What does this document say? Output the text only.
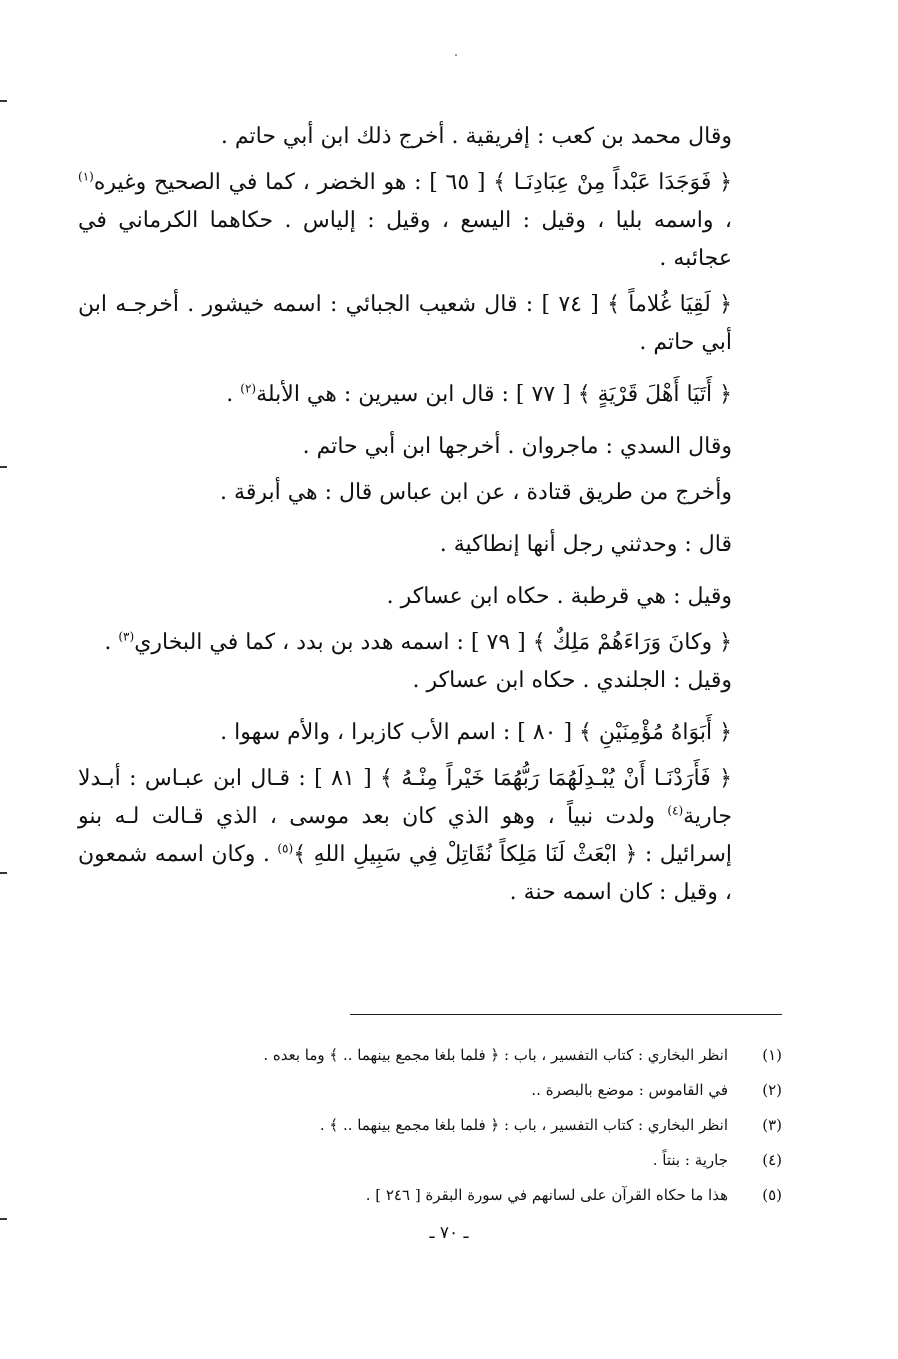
وقال محمد بن كعب : إفريقية . أخرج ذلك ابن أبي حاتم .

﴿ فَوَجَدَا عَبْداً مِنْ عِبَادِنَـا ﴾ [ ٦٥ ] : هو الخضر ، كما في الصحيح وغيره$^{(١)}$ ، واسمه بليا ، وقيل : اليسع ، وقيل : إلياس . حكاهما الكرماني في عجائبه .

﴿ لَقِيَا غُلاماً ﴾ [ ٧٤ ] : قال شعيب الجبائي : اسمه خيشور . أخرجـه ابن أبي حاتم .

﴿ أَتَيَا أَهْلَ قَرْيَةٍ ﴾ [ ٧٧ ] : قال ابن سيرين : هي الأبلة$^{(٢)}$ .

وقال السدي : ماجروان . أخرجها ابن أبي حاتم .

وأخرج من طريق قتادة ، عن ابن عباس قال : هي أبرقة .

قال : وحدثني رجل أنها إنطاكية .

وقيل : هي قرطبة . حكاه ابن عساكر .

﴿ وكانَ وَرَاءَهُمْ مَلِكٌ ﴾ [ ٧٩ ] : اسمه هدد بن بدد ، كما في البخاري$^{(٣)}$ .

وقيل : الجلندي . حكاه ابن عساكر .

﴿ أَبَوَاهُ مُؤْمِنَيْنِ ﴾ [ ٨٠ ] : اسم الأب كازبرا ، والأم سهوا .

﴿ فَأَرَدْنَـا أَنْ يُبْـدِلَهُمَا رَبُّهُمَا خَيْراً مِنْـهُ ﴾ [ ٨١ ] : قـال ابن عبـاس : أبـدلا جارية$^{(٤)}$ ولدت نبياً ، وهو الذي كان بعد موسى ، الذي قـالت لـه بنو إسرائيل : ﴿ ابْعَثْ لَنَا مَلِكاً نُقَاتِلْ فِي سَبِيلِ اللهِ ﴾$^{(٥)}$ . وكان اسمه شمعون ، وقيل : كان اسمه حنة .

(١)
انظر البخاري : كتاب التفسير ، باب : ﴿ فلما بلغا مجمع بينهما .. ﴾ وما بعده .
(٢)
في القاموس : موضع بالبصرة ..
(٣)
انظر البخاري : كتاب التفسير ، باب : ﴿ فلما بلغا مجمع بينهما .. ﴾ .
(٤)
جارية : بنتاً .
(٥)
هذا ما حكاه القرآن على لسانهم في سورة البقرة [ ٢٤٦ ] .
ـ ٧٠ ـ
